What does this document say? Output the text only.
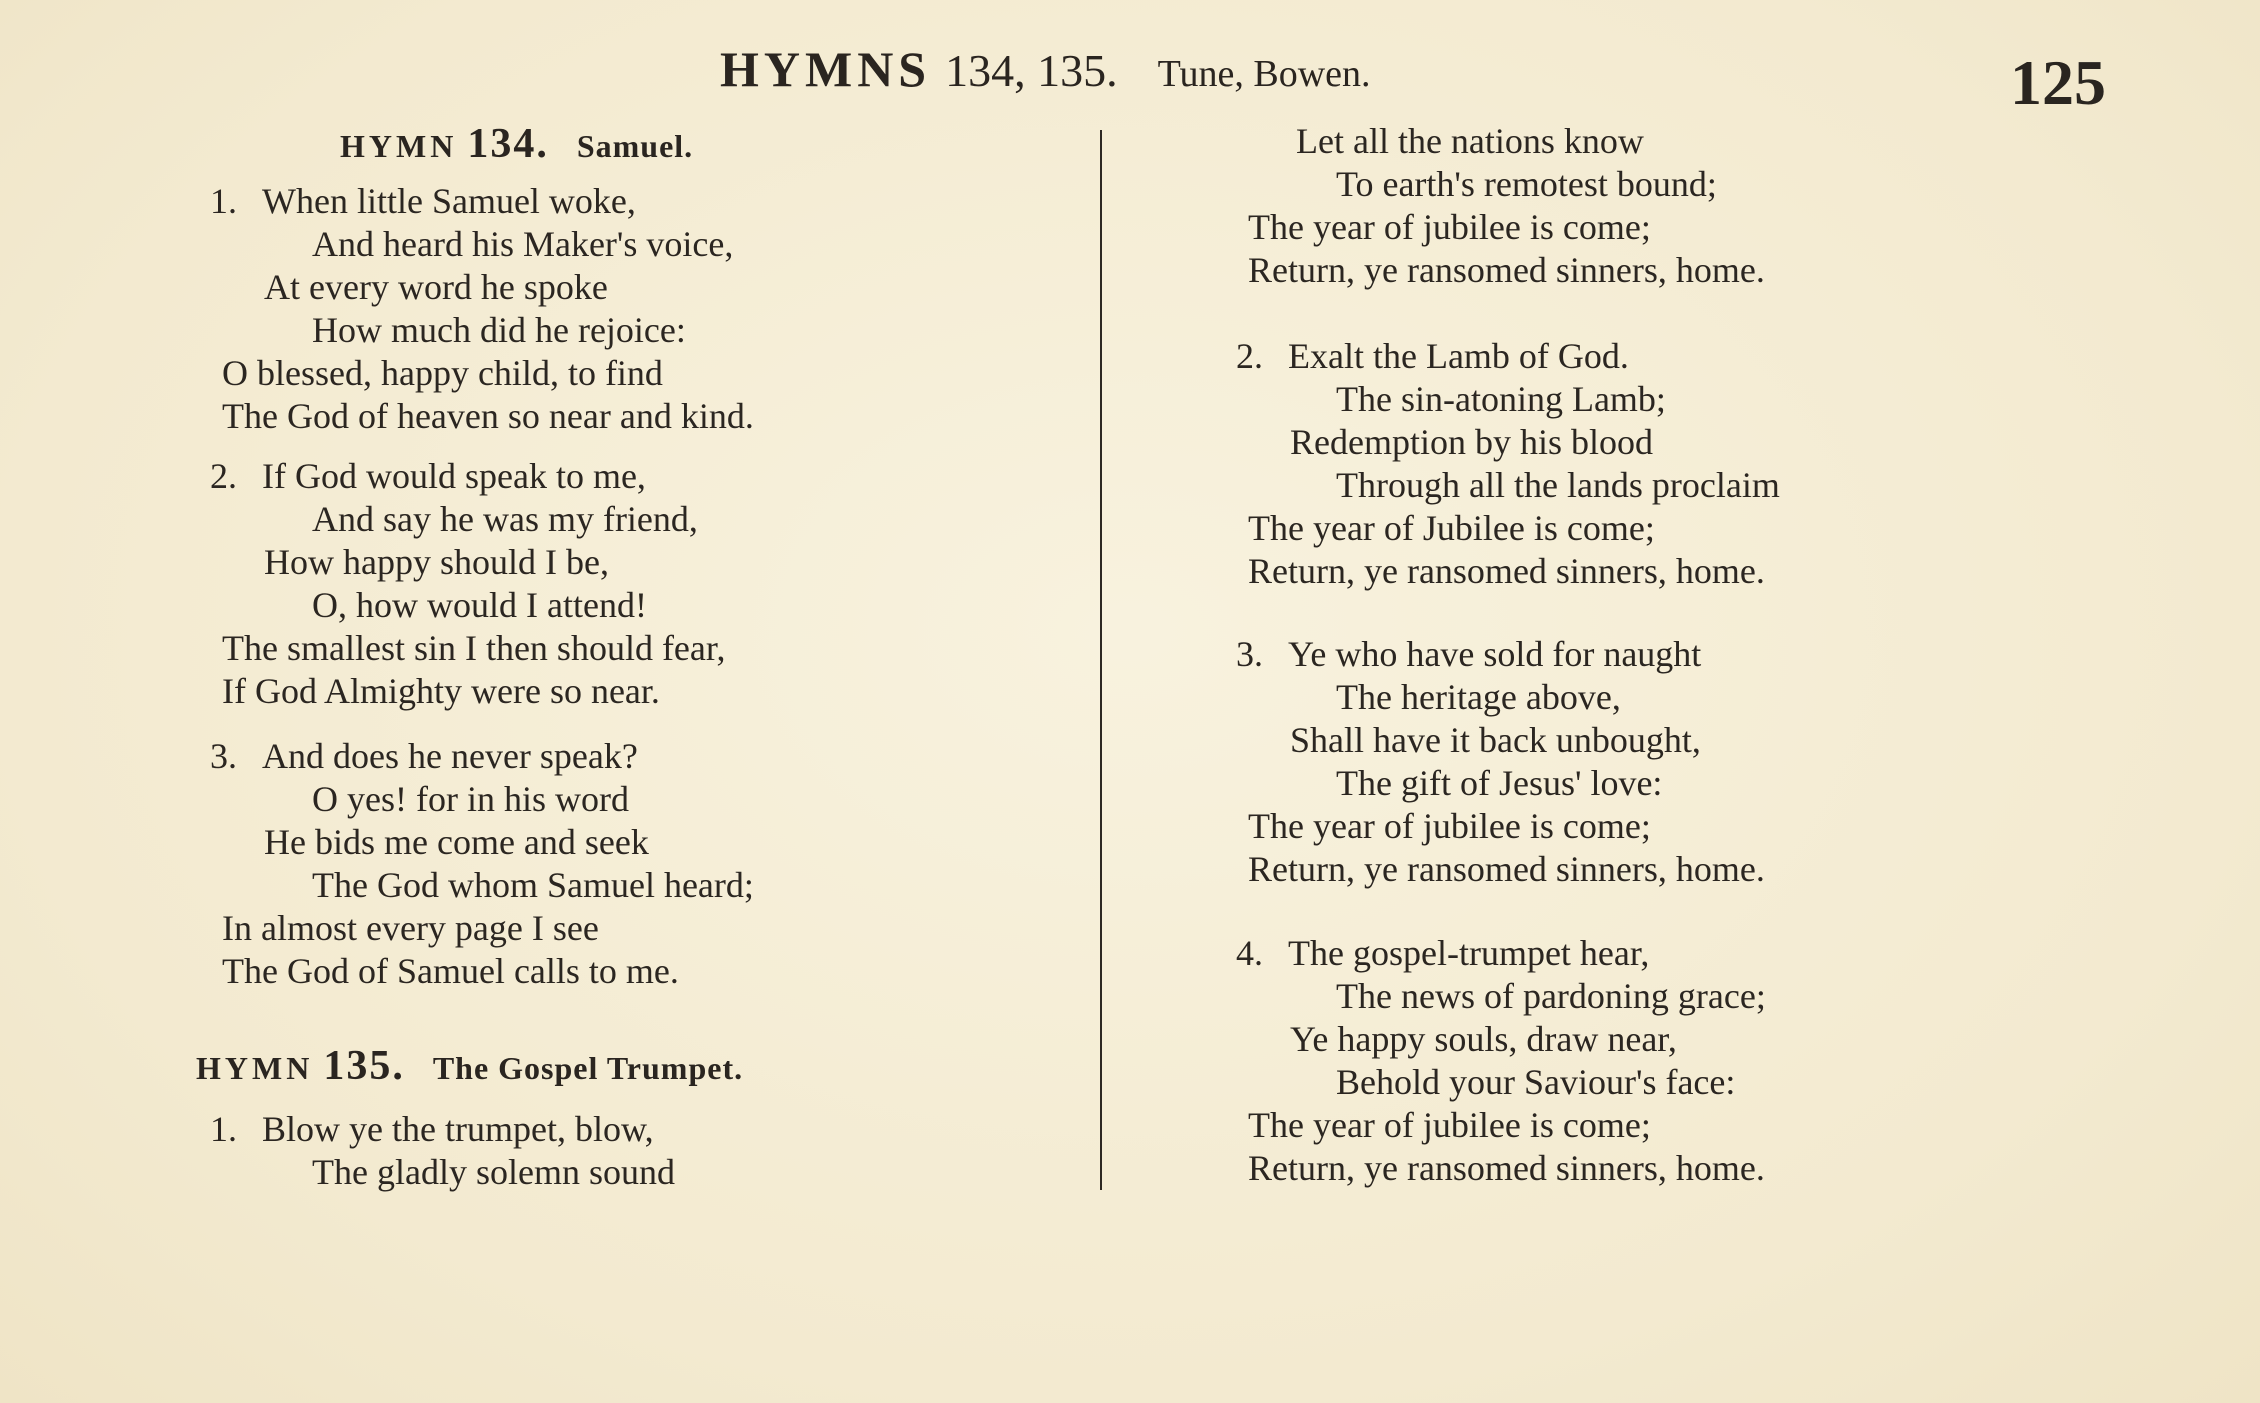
HYMNS 134, 135. Tune, Bowen.	125
HYMN 134. Samuel.
1. When little Samuel woke,
And heard his Maker's voice,
At every word he spoke
How much did he rejoice:
O blessed, happy child, to find
The God of heaven so near and kind.
2. If God would speak to me,
And say he was my friend,
How happy should I be,
O, how would I attend!
The smallest sin I then should fear,
If God Almighty were so near.
3. And does he never speak?
O yes! for in his word
He bids me come and seek
The God whom Samuel heard;
In almost every page I see
The God of Samuel calls to me.
HYMN 135. The Gospel Trumpet.
1. Blow ye the trumpet, blow,
The gladly solemn sound
Let all the nations know
To earth's remotest bound;
The year of jubilee is come;
Return, ye ransomed sinners, home.
2. Exalt the Lamb of God.
The sin-atoning Lamb;
Redemption by his blood
Through all the lands proclaim
The year of Jubilee is come;
Return, ye ransomed sinners, home.
3. Ye who have sold for naught
The heritage above,
Shall have it back unbought,
The gift of Jesus' love:
The year of jubilee is come;
Return, ye ransomed sinners, home.
4. The gospel-trumpet hear,
The news of pardoning grace;
Ye happy souls, draw near,
Behold your Saviour's face:
The year of jubilee is come;
Return, ye ransomed sinners, home.
